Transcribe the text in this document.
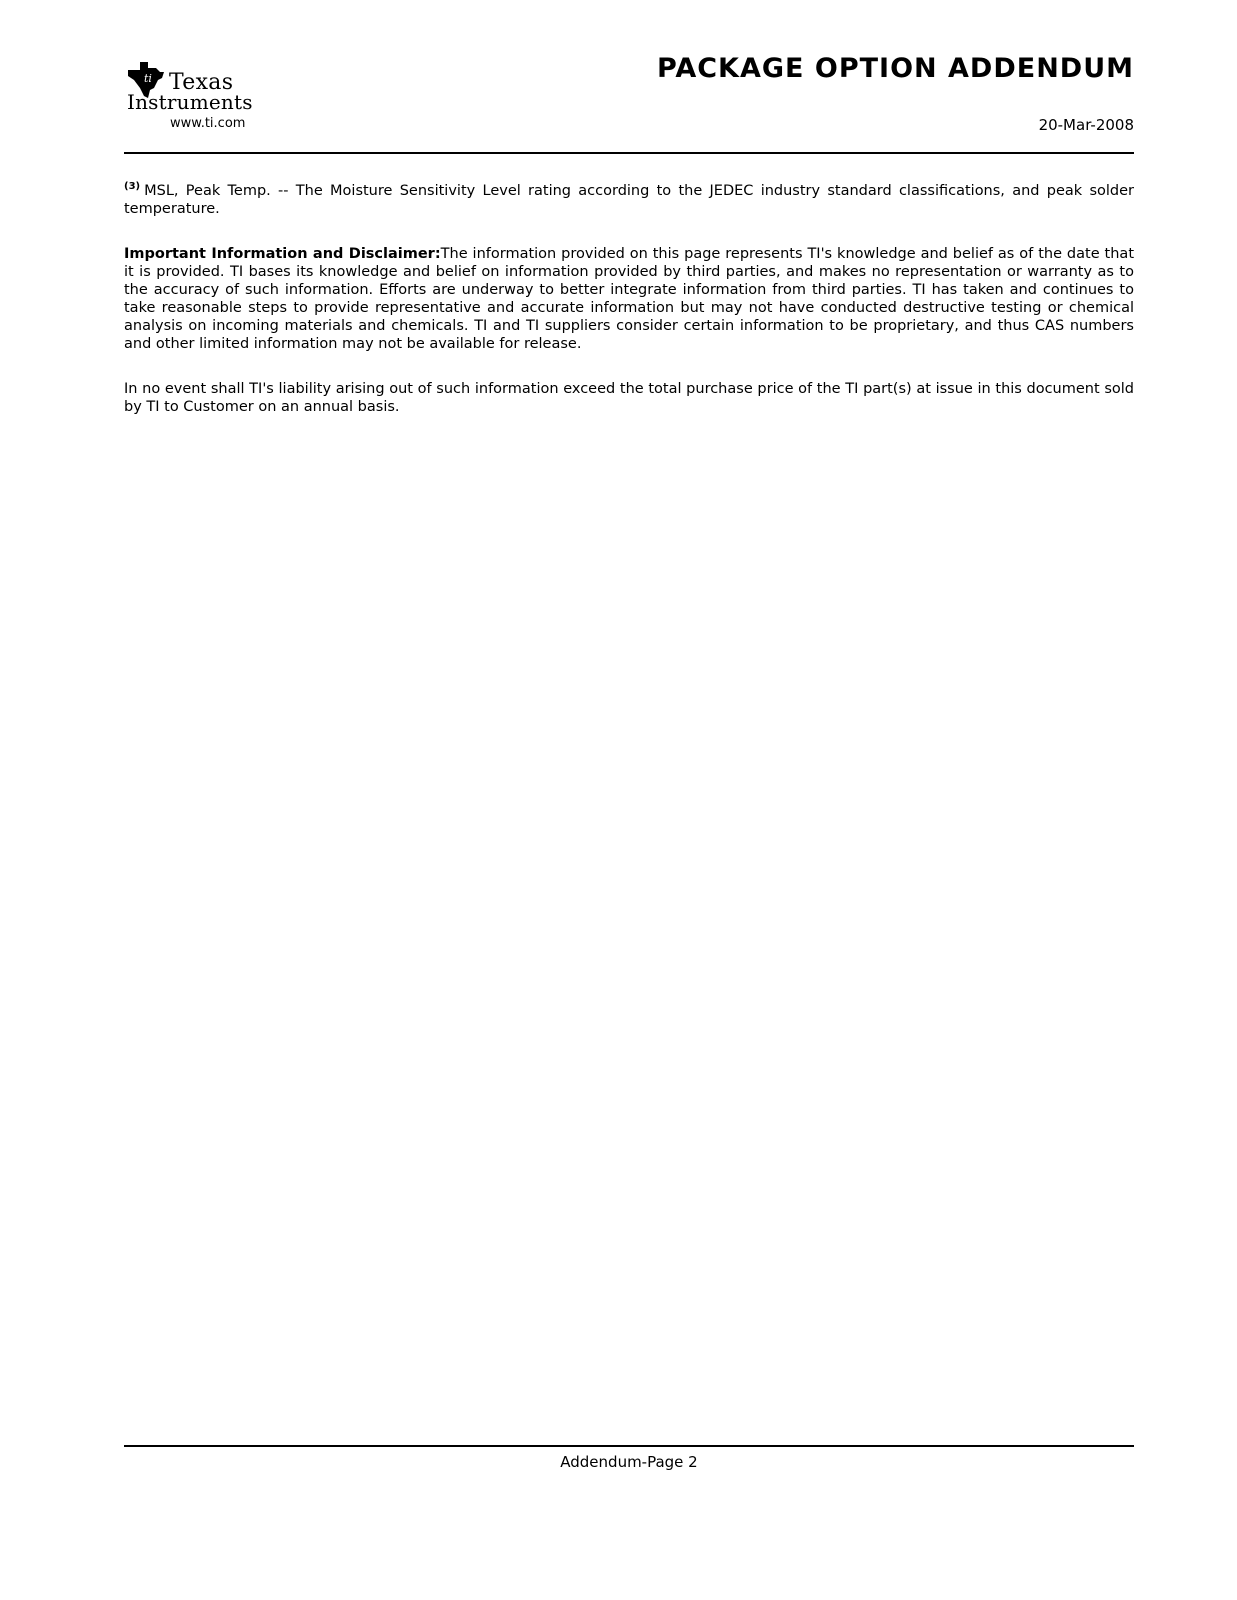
ti Texas
Instruments
www.ti.com
PACKAGE OPTION ADDENDUM
20-Mar-2008

$^{(3)}$ MSL, Peak Temp. -- The Moisture Sensitivity Level rating according to the JEDEC industry standard classifications, and peak solder temperature.

Important Information and Disclaimer:The information provided on this page represents TI's knowledge and belief as of the date that it is provided. TI bases its knowledge and belief on information provided by third parties, and makes no representation or warranty as to the accuracy of such information. Efforts are underway to better integrate information from third parties. TI has taken and continues to take reasonable steps to provide representative and accurate information but may not have conducted destructive testing or chemical analysis on incoming materials and chemicals. TI and TI suppliers consider certain information to be proprietary, and thus CAS numbers and other limited information may not be available for release.

In no event shall TI's liability arising out of such information exceed the total purchase price of the TI part(s) at issue in this document sold by TI to Customer on an annual basis.

Addendum-Page 2
